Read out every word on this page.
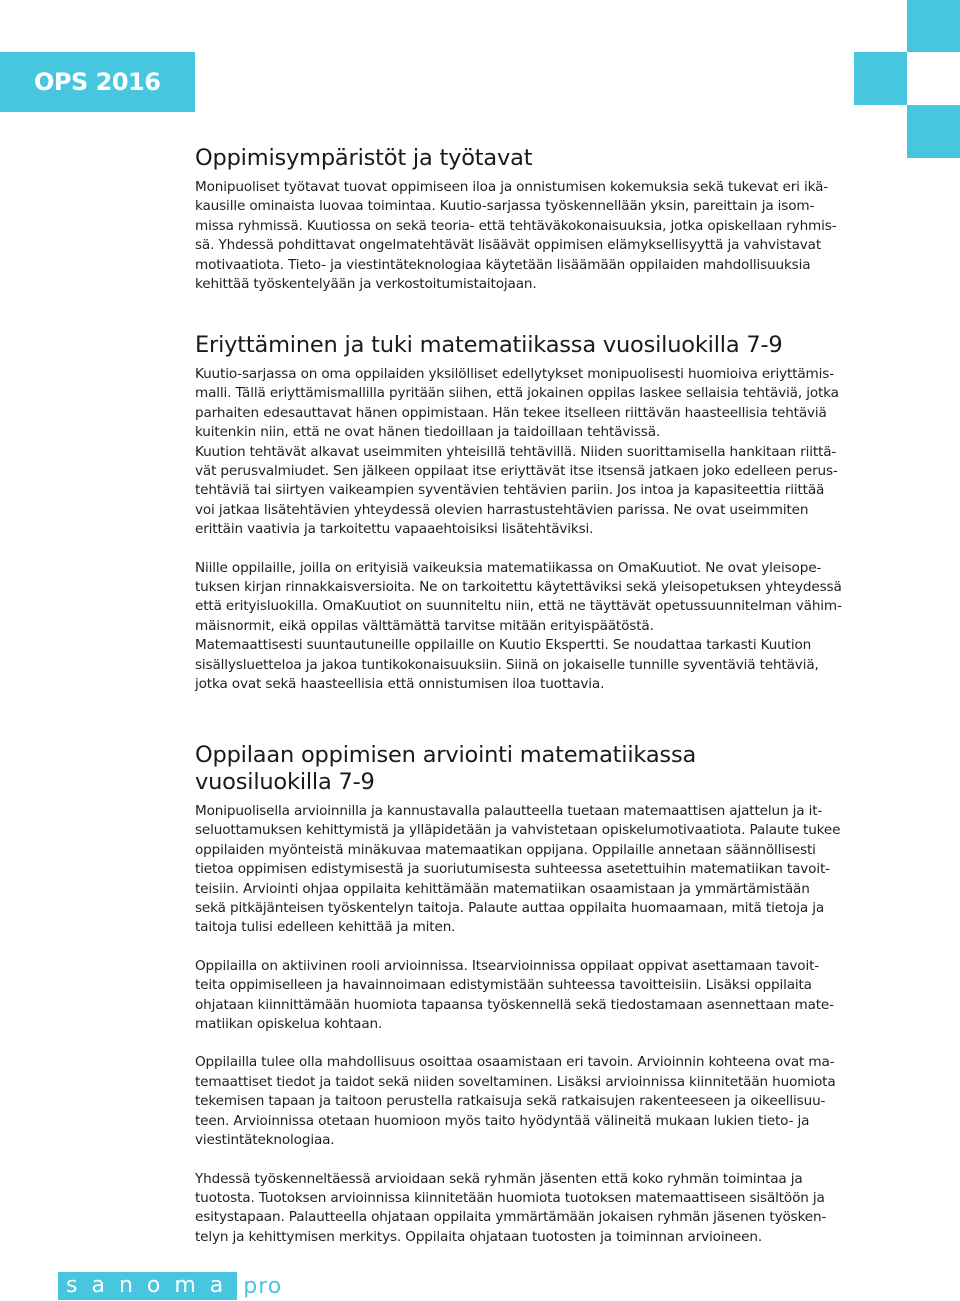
OPS 2016
Oppimisympäristöt ja työtavat

Monipuoliset työtavat tuovat oppimiseen iloa ja onnistumisen kokemuksia sekä tukevat eri ikä-
kausille ominaista luovaa toimintaa. Kuutio-sarjassa työskennellään yksin, pareittain ja isom-
missa ryhmissä. Kuutiossa on sekä teoria- että tehtäväkokonaisuuksia, jotka opiskellaan ryhmis-
sä. Yhdessä pohdittavat ongelmatehtävät lisäävät oppimisen elämyksellisyyttä ja vahvistavat
motivaatiota. Tieto- ja viestintäteknologiaa käytetään lisäämään oppilaiden mahdollisuuksia
kehittää työskentelyään ja verkostoitumistaitojaan.

Eriyttäminen ja tuki matematiikassa vuosiluokilla 7-9

Kuutio-sarjassa on oma oppilaiden yksilölliset edellytykset monipuolisesti huomioiva eriyttämis-
malli. Tällä eriyttämismallilla pyritään siihen, että jokainen oppilas laskee sellaisia tehtäviä, jotka
parhaiten edesauttavat hänen oppimistaan. Hän tekee itselleen riittävän haasteellisia tehtäviä
kuitenkin niin, että ne ovat hänen tiedoillaan ja taidoillaan tehtävissä.
Kuution tehtävät alkavat useimmiten yhteisillä tehtävillä. Niiden suorittamisella hankitaan riittä-
vät perusvalmiudet. Sen jälkeen oppilaat itse eriyttävät itse itsensä jatkaen joko edelleen perus-
tehtäviä tai siirtyen vaikeampien syventävien tehtävien pariin. Jos intoa ja kapasiteettia riittää
voi jatkaa lisätehtävien yhteydessä olevien harrastustehtävien parissa. Ne ovat useimmiten
erittäin vaativia ja tarkoitettu vapaaehtoisiksi lisätehtäviksi.

Niille oppilaille, joilla on erityisiä vaikeuksia matematiikassa on OmaKuutiot. Ne ovat yleisope-
tuksen kirjan rinnakkaisversioita. Ne on tarkoitettu käytettäviksi sekä yleisopetuksen yhteydessä
että erityisluokilla. OmaKuutiot on suunniteltu niin, että ne täyttävät opetussuunnitelman vähim-
mäisnormit, eikä oppilas välttämättä tarvitse mitään erityispäätöstä.
Matemaattisesti suuntautuneille oppilaille on Kuutio Ekspertti. Se noudattaa tarkasti Kuution
sisällysluetteloa ja jakoa tuntikokonaisuuksiin. Siinä on jokaiselle tunnille syventäviä tehtäviä,
jotka ovat sekä haasteellisia että onnistumisen iloa tuottavia.

Oppilaan oppimisen arviointi matematiikassa
vuosiluokilla 7-9

Monipuolisella arvioinnilla ja kannustavalla palautteella tuetaan matemaattisen ajattelun ja it-
seluottamuksen kehittymistä ja ylläpidetään ja vahvistetaan opiskelumotivaatiota. Palaute tukee
oppilaiden myönteistä minäkuvaa matemaatikan oppijana. Oppilaille annetaan säännöllisesti
tietoa oppimisen edistymisestä ja suoriutumisesta suhteessa asetettuihin matematiikan tavoit-
teisiin. Arviointi ohjaa oppilaita kehittämään matematiikan osaamistaan ja ymmärtämistään
sekä pitkäjänteisen työskentelyn taitoja. Palaute auttaa oppilaita huomaamaan, mitä tietoja ja
taitoja tulisi edelleen kehittää ja miten.

Oppilailla on aktiivinen rooli arvioinnissa. Itsearvioinnissa oppilaat oppivat asettamaan tavoit-
teita oppimiselleen ja havainnoimaan edistymistään suhteessa tavoitteisiin. Lisäksi oppilaita
ohjataan kiinnittämään huomiota tapaansa työskennellä sekä tiedostamaan asennettaan mate-
matiikan opiskelua kohtaan.

Oppilailla tulee olla mahdollisuus osoittaa osaamistaan eri tavoin. Arvioinnin kohteena ovat ma-
temaattiset tiedot ja taidot sekä niiden soveltaminen. Lisäksi arvioinnissa kiinnitetään huomiota
tekemisen tapaan ja taitoon perustella ratkaisuja sekä ratkaisujen rakenteeseen ja oikeellisuu-
teen. Arvioinnissa otetaan huomioon myös taito hyödyntää välineitä mukaan lukien tieto- ja
viestintäteknologiaa.

Yhdessä työskenneltäessä arvioidaan sekä ryhmän jäsenten että koko ryhmän toimintaa ja
tuotosta. Tuotoksen arvioinnissa kiinnitetään huomiota tuotoksen matemaattiseen sisältöön ja
esitystapaan. Palautteella ohjataan oppilaita ymmärtämään jokaisen ryhmän jäsenen työsken-
telyn ja kehittymisen merkitys. Oppilaita ohjataan tuotosten ja toiminnan arvioineen.

sanoma pro
